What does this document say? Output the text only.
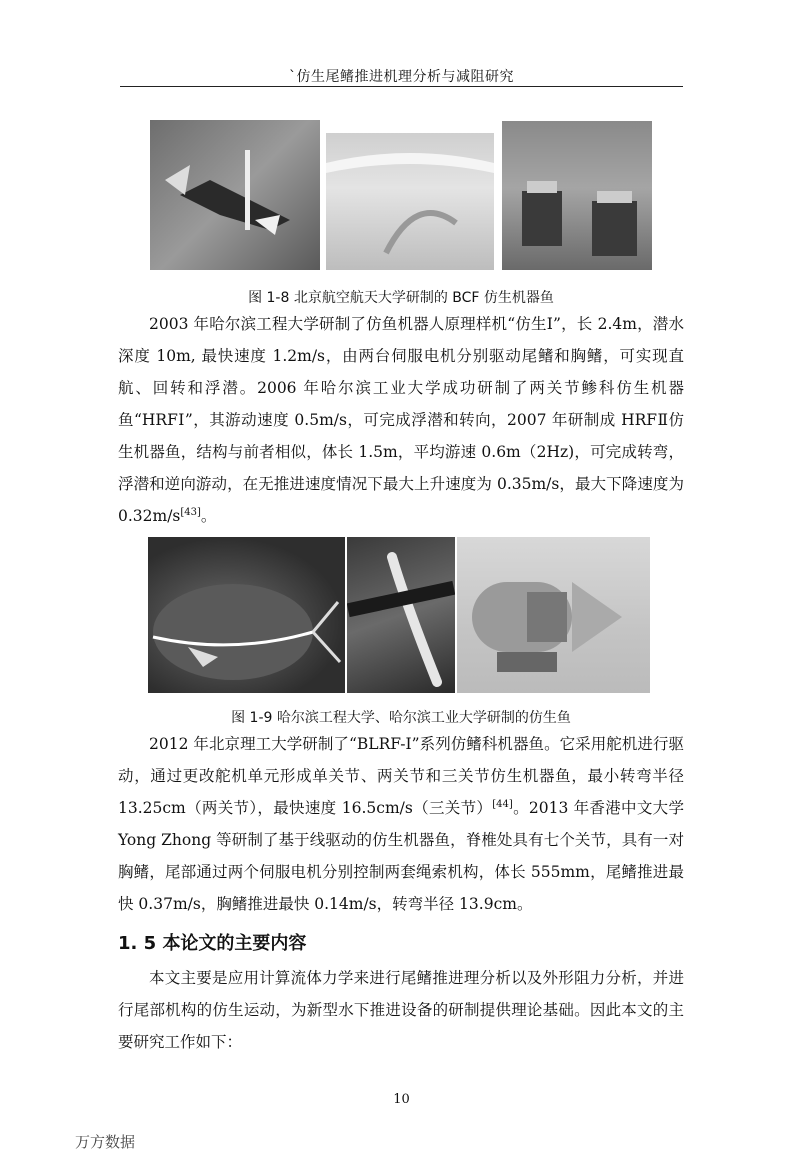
`仿生尾鳍推进机理分析与减阻研究
图 1-8 北京航空航天大学研制的 BCF 仿生机器鱼

2003 年哈尔滨工程大学研制了仿鱼机器人原理样机“仿生Ⅰ”，长 2.4m，潜水深度 10m, 最快速度 1.2m/s，由两台伺服电机分别驱动尾鳍和胸鳍，可实现直航、回转和浮潜。2006 年哈尔滨工业大学成功研制了两关节鲹科仿生机器鱼“HRFⅠ”，其游动速度 0.5m/s，可完成浮潜和转向，2007 年研制成 HRFⅡ仿生机器鱼，结构与前者相似，体长 1.5m，平均游速 0.6m（2Hz)，可完成转弯，浮潜和逆向游动，在无推进速度情况下最大上升速度为 0.35m/s，最大下降速度为 0.32m/s[43]。

图 1-9 哈尔滨工程大学、哈尔滨工业大学研制的仿生鱼

2012 年北京理工大学研制了“BLRF-I”系列仿鳍科机器鱼。它采用舵机进行驱动，通过更改舵机单元形成单关节、两关节和三关节仿生机器鱼，最小转弯半径 13.25cm（两关节），最快速度 16.5cm/s（三关节）[44]。2013 年香港中文大学 Yong Zhong 等研制了基于线驱动的仿生机器鱼，脊椎处具有七个关节，具有一对胸鳍，尾部通过两个伺服电机分别控制两套绳索机构，体长 555mm，尾鳍推进最快 0.37m/s，胸鳍推进最快 0.14m/s，转弯半径 13.9cm。

1. 5 本论文的主要内容

本文主要是应用计算流体力学来进行尾鳍推进理分析以及外形阻力分析，并进行尾部机构的仿生运动，为新型水下推进设备的研制提供理论基础。因此本文的主要研究工作如下：

10
万方数据
